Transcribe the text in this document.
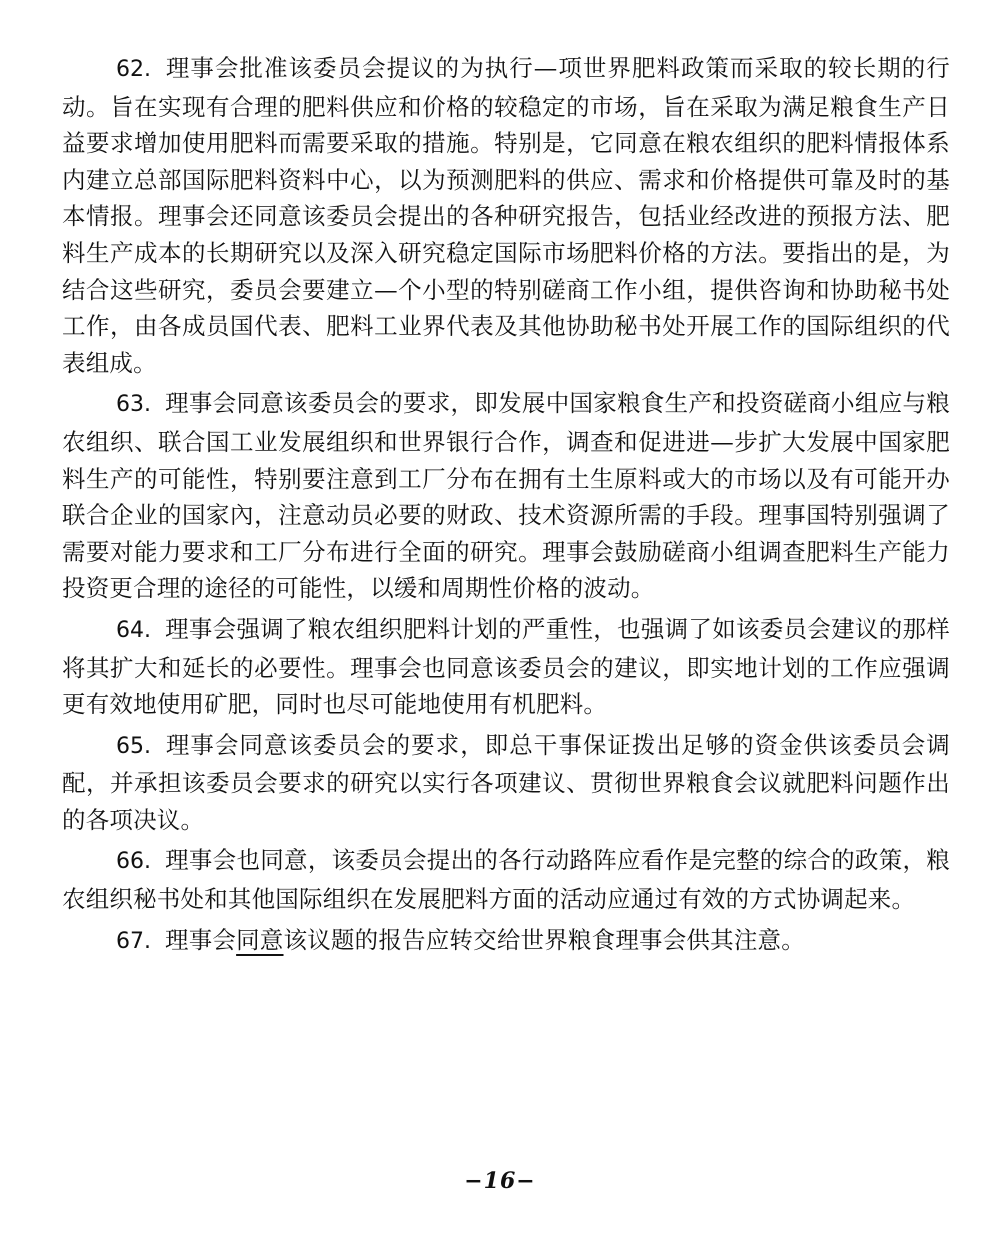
62. 理事会批准该委员会提议的为执行—项世界肥料政策而采取的较长期的行动。旨在实现有合理的肥料供应和价格的较稳定的市场，旨在采取为满足粮食生产日益要求增加使用肥料而需要采取的措施。特别是，它同意在粮农组织的肥料情报体系内建立总部国际肥料资料中心，以为预测肥料的供应、需求和价格提供可靠及时的基本情报。理事会还同意该委员会提出的各种研究报告，包括业经改进的预报方法、肥料生产成本的长期研究以及深入研究稳定国际市场肥料价格的方法。要指出的是，为结合这些研究，委员会要建立—个小型的特别磋商工作小组，提供咨询和协助秘书处工作，由各成员国代表、肥料工业界代表及其他协助秘书处开展工作的国际组织的代表组成。

63. 理事会同意该委员会的要求，即发展中国家粮食生产和投资磋商小组应与粮农组织、联合国工业发展组织和世界银行合作，调查和促进进—步扩大发展中国家肥料生产的可能性，特别要注意到工厂分布在拥有土生原料或大的市场以及有可能开办联合企业的国家內，注意动员必要的财政、技术资源所需的手段。理事国特别强调了需要对能力要求和工厂分布进行全面的研究。理事会鼓励磋商小组调查肥料生产能力投资更合理的途径的可能性，以缓和周期性价格的波动。

64. 理事会强调了粮农组织肥料计划的严重性，也强调了如该委员会建议的那样将其扩大和延长的必要性。理事会也同意该委员会的建议，即实地计划的工作应强调更有效地使用矿肥，同时也尽可能地使用有机肥料。

65. 理事会同意该委员会的要求，即总干事保证拨出足够的资金供该委员会调配，并承担该委员会要求的研究以实行各项建议、贯彻世界粮食会议就肥料问题作出的各项决议。

66. 理事会也同意，该委员会提出的各行动路阵应看作是完整的综合的政策，粮农组织秘书处和其他国际组织在发展肥料方面的活动应通过有效的方式协调起来。

67. 理事会同意该议题的报告应转交给世界粮食理事会供其注意。

−16−
